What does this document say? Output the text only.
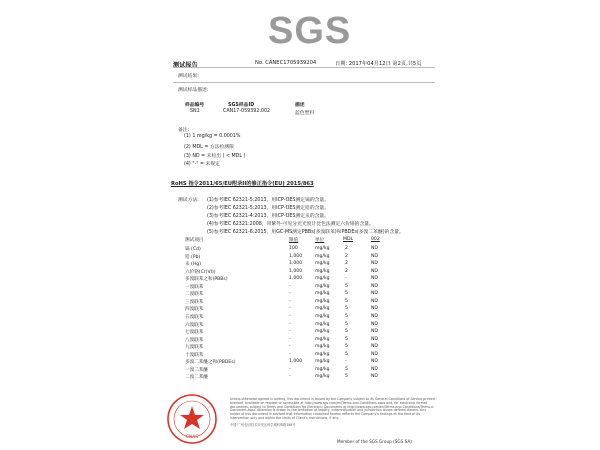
SGS
测试报告	No. CANEC1705939204	日期: 2017年04月12日 第2页,共5页
测试结果:
测试样品描述:
样品编号	SGS样品ID	描述
SN1	CAN17-059392.002	蓝色塑料
备注:
(1) 1 mg/kg = 0.0001%
(2) MDL = 方法检测限
(3) ND = 未检出 ( < MDL )
(4) "-" = 未规定
RoHS 指令2011/65/EU附录II的修正指令(EU) 2015/863
测试方法: (1)参考IEC 62321-5:2013，用ICP-OES测定镉的含量。
(2)参考IEC 62321-5:2013，用ICP-OES测定铅的含量。
(3)参考IEC 62321-4:2013，用ICP-OES测定汞的含量。
(4)参考IEC 62321:2008，用紫外-可见分光光度计比色法测定六价铬的含量。
(5)参考IEC 62321-6:2015，用GC-MS测定PBBs(多溴联苯)和PBDEs(多溴二苯醚)的含量。
测试项目	限值	单位	MDL	002
镉 (Cd)	100	mg/kg	2	ND
铅 (Pb)	1,000	mg/kg	2	ND
汞 (Hg)	1,000	mg/kg	2	ND
六价铬(Cr(VI))	1,000	mg/kg	2	ND
多溴联苯之和(PBBs)	1,000	mg/kg	-	ND
一溴联苯	-	mg/kg	5	ND
二溴联苯	-	mg/kg	5	ND
三溴联苯	-	mg/kg	5	ND
四溴联苯	-	mg/kg	5	ND
五溴联苯	-	mg/kg	5	ND
六溴联苯	-	mg/kg	5	ND
七溴联苯	-	mg/kg	5	ND
八溴联苯	-	mg/kg	5	ND
九溴联苯	-	mg/kg	5	ND
十溴联苯	-	mg/kg	5	ND
多溴二苯醚之和(PBDEs)	1,000	mg/kg	-	ND
一溴二苯醚	-	mg/kg	5	ND
二溴二苯醚	-	mg/kg	5	ND
CNAS
Unless otherwise agreed in writing, this document is issued by the Company subject to its General Conditions of Service printed overleaf, available on request or accessible at http://www.sgs.com/en/Terms-and-Conditions.aspx and, for electronic format documents, subject to Terms and Conditions for Electronic Documents at http://www.sgs.com/en/Terms-and-Conditions/Terms-e-Document.aspx. Attention is drawn to the limitation of liability, indemnification and jurisdiction issues defined therein. Any holder of this document is advised that information contained hereon reflects the Company's findings at the time of its intervention only and within the limits of Client's instructions, if any.
中国·广州·经济技术开发区科学城科珠路198号
Member of the SGS Group (SGS SA)
